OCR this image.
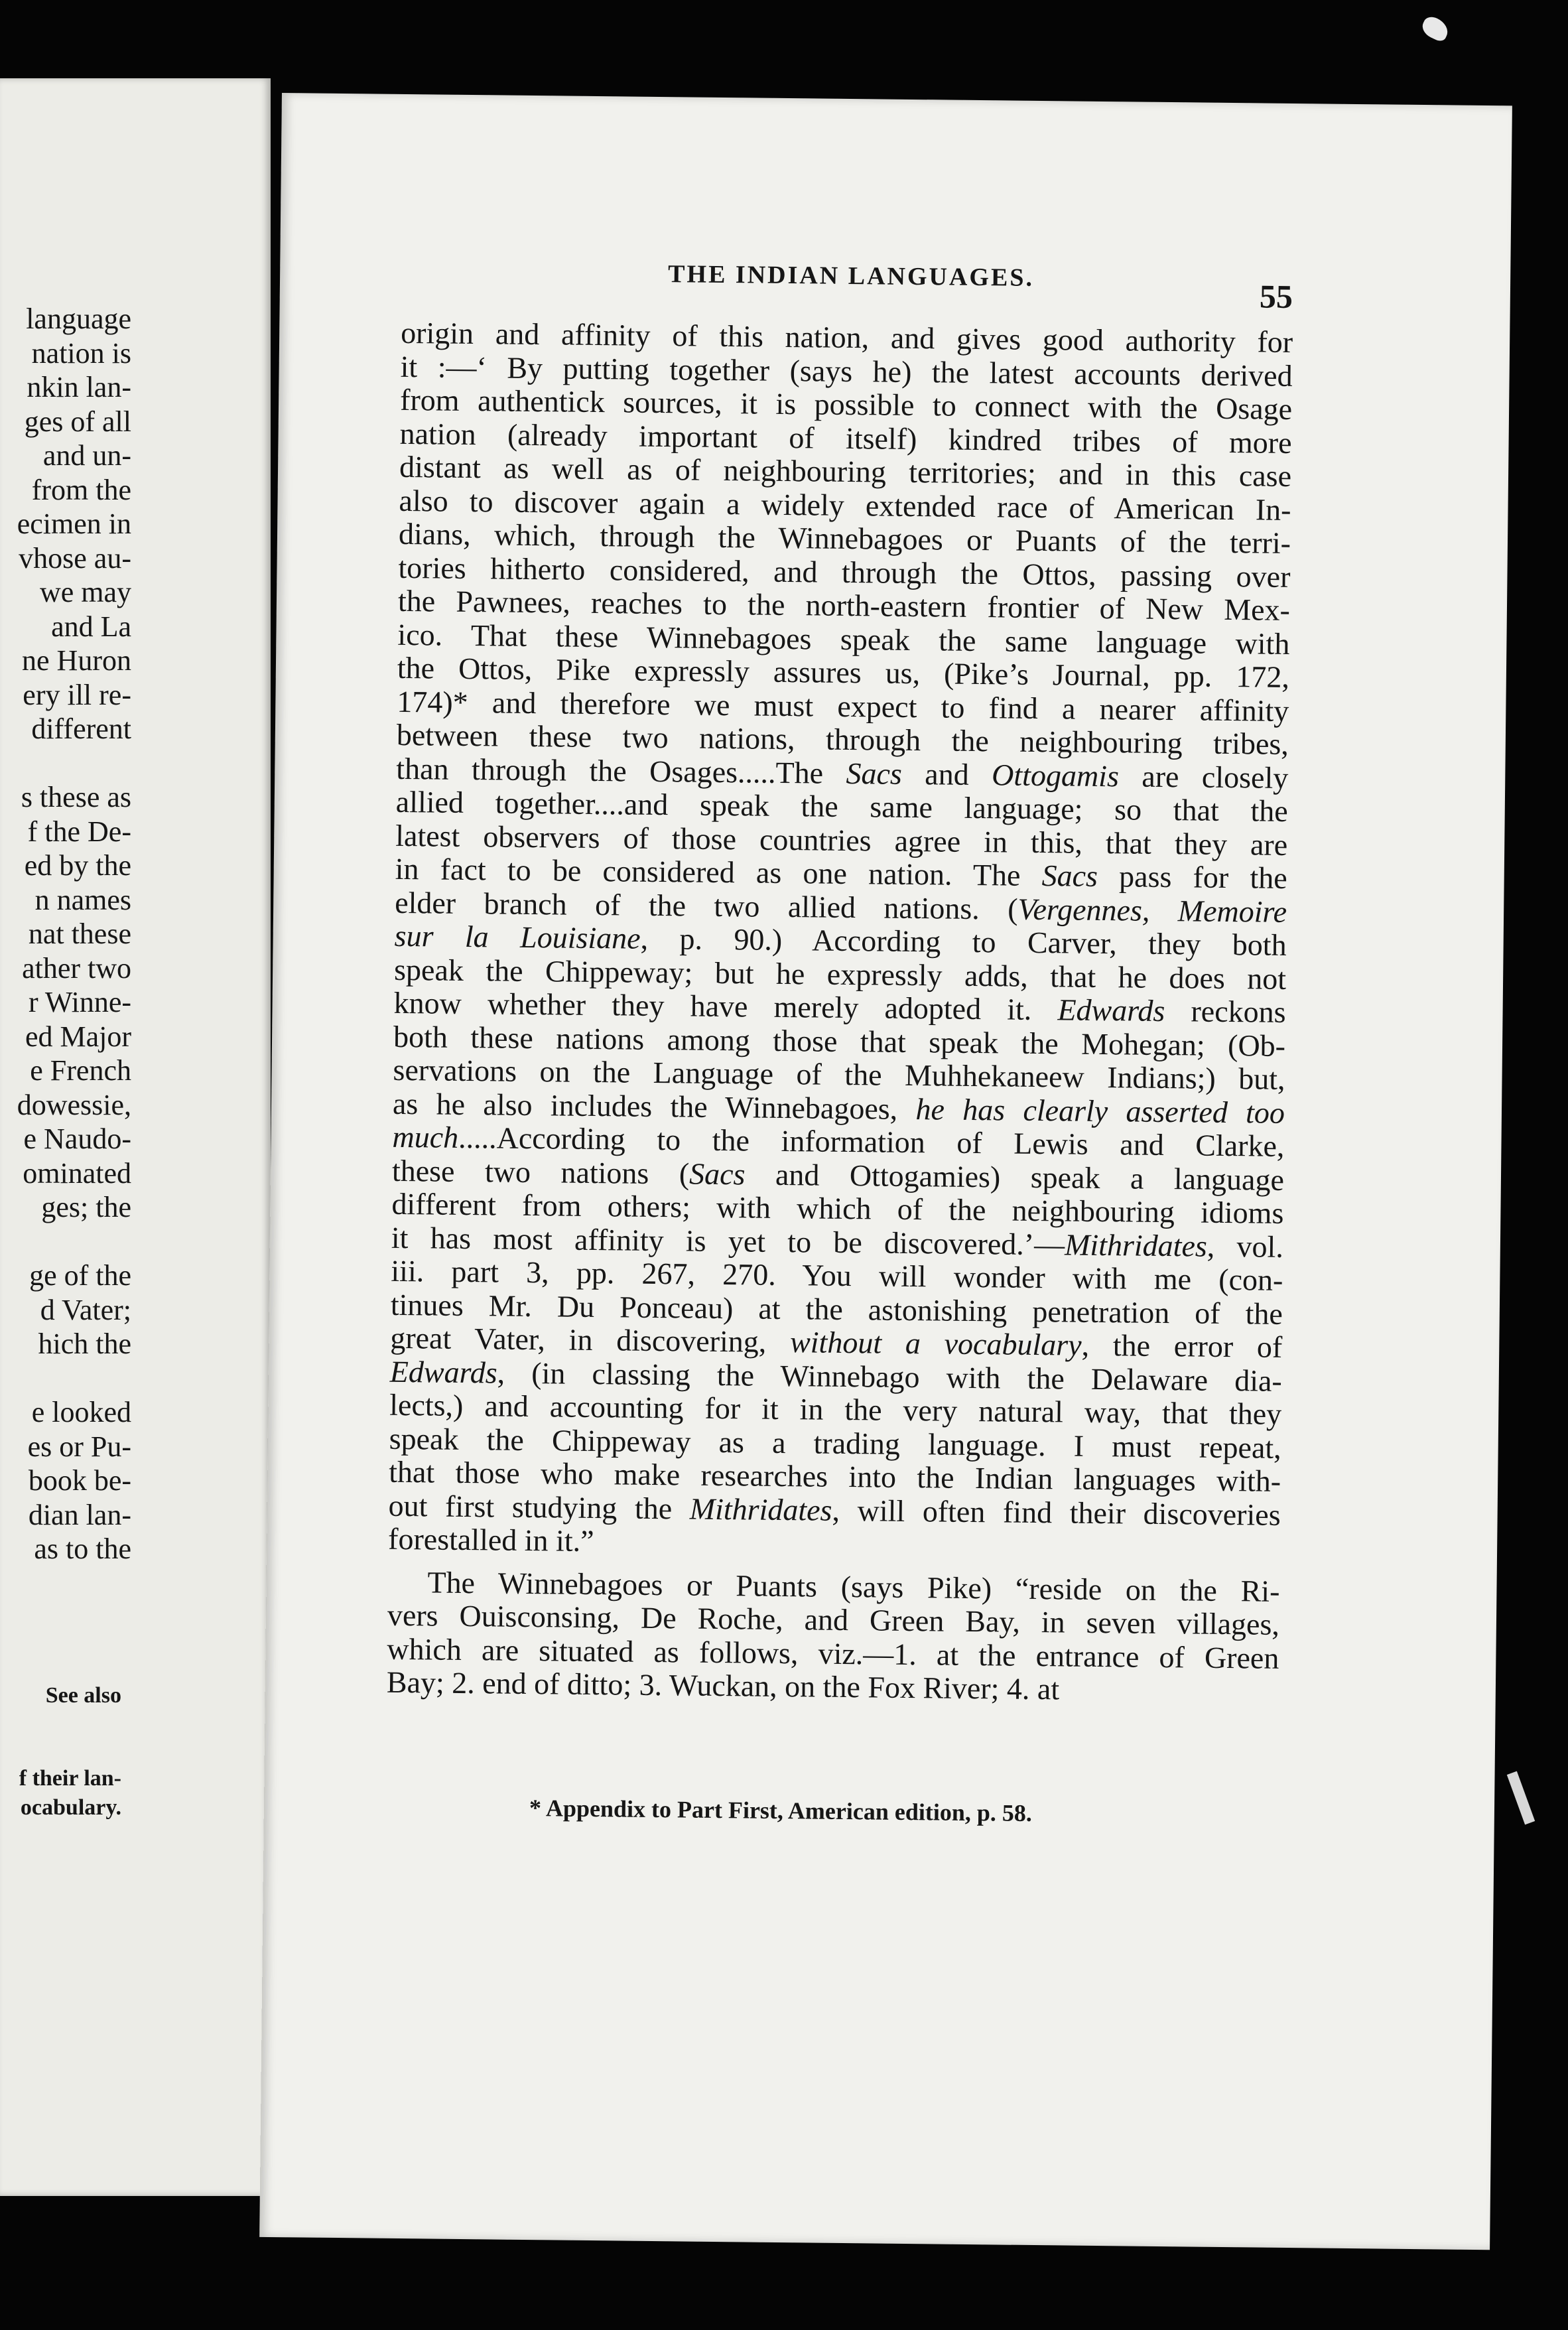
language
nation is
nkin lan-
ges of all
and un-
from the
ecimen in
vhose au-
we may
and La
ne Huron
ery ill re-
different
s these as
f the De-
ed by the
n names
nat these
ather two
r Winne-
ed Major
e French
dowessie,
e Naudo-
ominated
ges; the
ge of the
d Vater;
hich the
e looked
es or Pu-
book be-
dian lan-
as to the
See also
f their lan-
ocabulary.
THE INDIAN LANGUAGES.
55
origin and affinity of this nation, and gives good authority for
it :—‘ By putting together (says he) the latest accounts derived
from authentick sources, it is possible to connect with the Osage
nation (already important of itself) kindred tribes of more
distant as well as of neighbouring territories; and in this case
also to discover again a widely extended race of American In-
dians, which, through the Winnebagoes or Puants of the terri-
tories hitherto considered, and through the Ottos, passing over
the Pawnees, reaches to the north-eastern frontier of New Mex-
ico. That these Winnebagoes speak the same language with
the Ottos, Pike expressly assures us, (Pike’s Journal, pp. 172,
174)* and therefore we must expect to find a nearer affinity
between these two nations, through the neighbouring tribes,
than through the Osages.....The Sacs and Ottogamis are closely
allied together....and speak the same language; so that the
latest observers of those countries agree in this, that they are
in fact to be considered as one nation. The Sacs pass for the
elder branch of the two allied nations. (Vergennes, Memoire
sur la Louisiane, p. 90.) According to Carver, they both
speak the Chippeway; but he expressly adds, that he does not
know whether they have merely adopted it. Edwards reckons
both these nations among those that speak the Mohegan; (Ob-
servations on the Language of the Muhhekaneew Indians;) but,
as he also includes the Winnebagoes, he has clearly asserted too
much.....According to the information of Lewis and Clarke,
these two nations (Sacs and Ottogamies) speak a language
different from others; with which of the neighbouring idioms
it has most affinity is yet to be discovered.’—Mithridates, vol.
iii. part 3, pp. 267, 270. You will wonder with me (con-
tinues Mr. Du Ponceau) at the astonishing penetration of the
great Vater, in discovering, without a vocabulary, the error of
Edwards, (in classing the Winnebago with the Delaware dia-
lects,) and accounting for it in the very natural way, that they
speak the Chippeway as a trading language. I must repeat,
that those who make researches into the Indian languages with-
out first studying the Mithridates, will often find their discoveries
forestalled in it.”
The Winnebagoes or Puants (says Pike) “reside on the Ri-
vers Ouisconsing, De Roche, and Green Bay, in seven villages,
which are situated as follows, viz.—1. at the entrance of Green
Bay; 2. end of ditto; 3. Wuckan, on the Fox River; 4. at
* Appendix to Part First, American edition, p. 58.
